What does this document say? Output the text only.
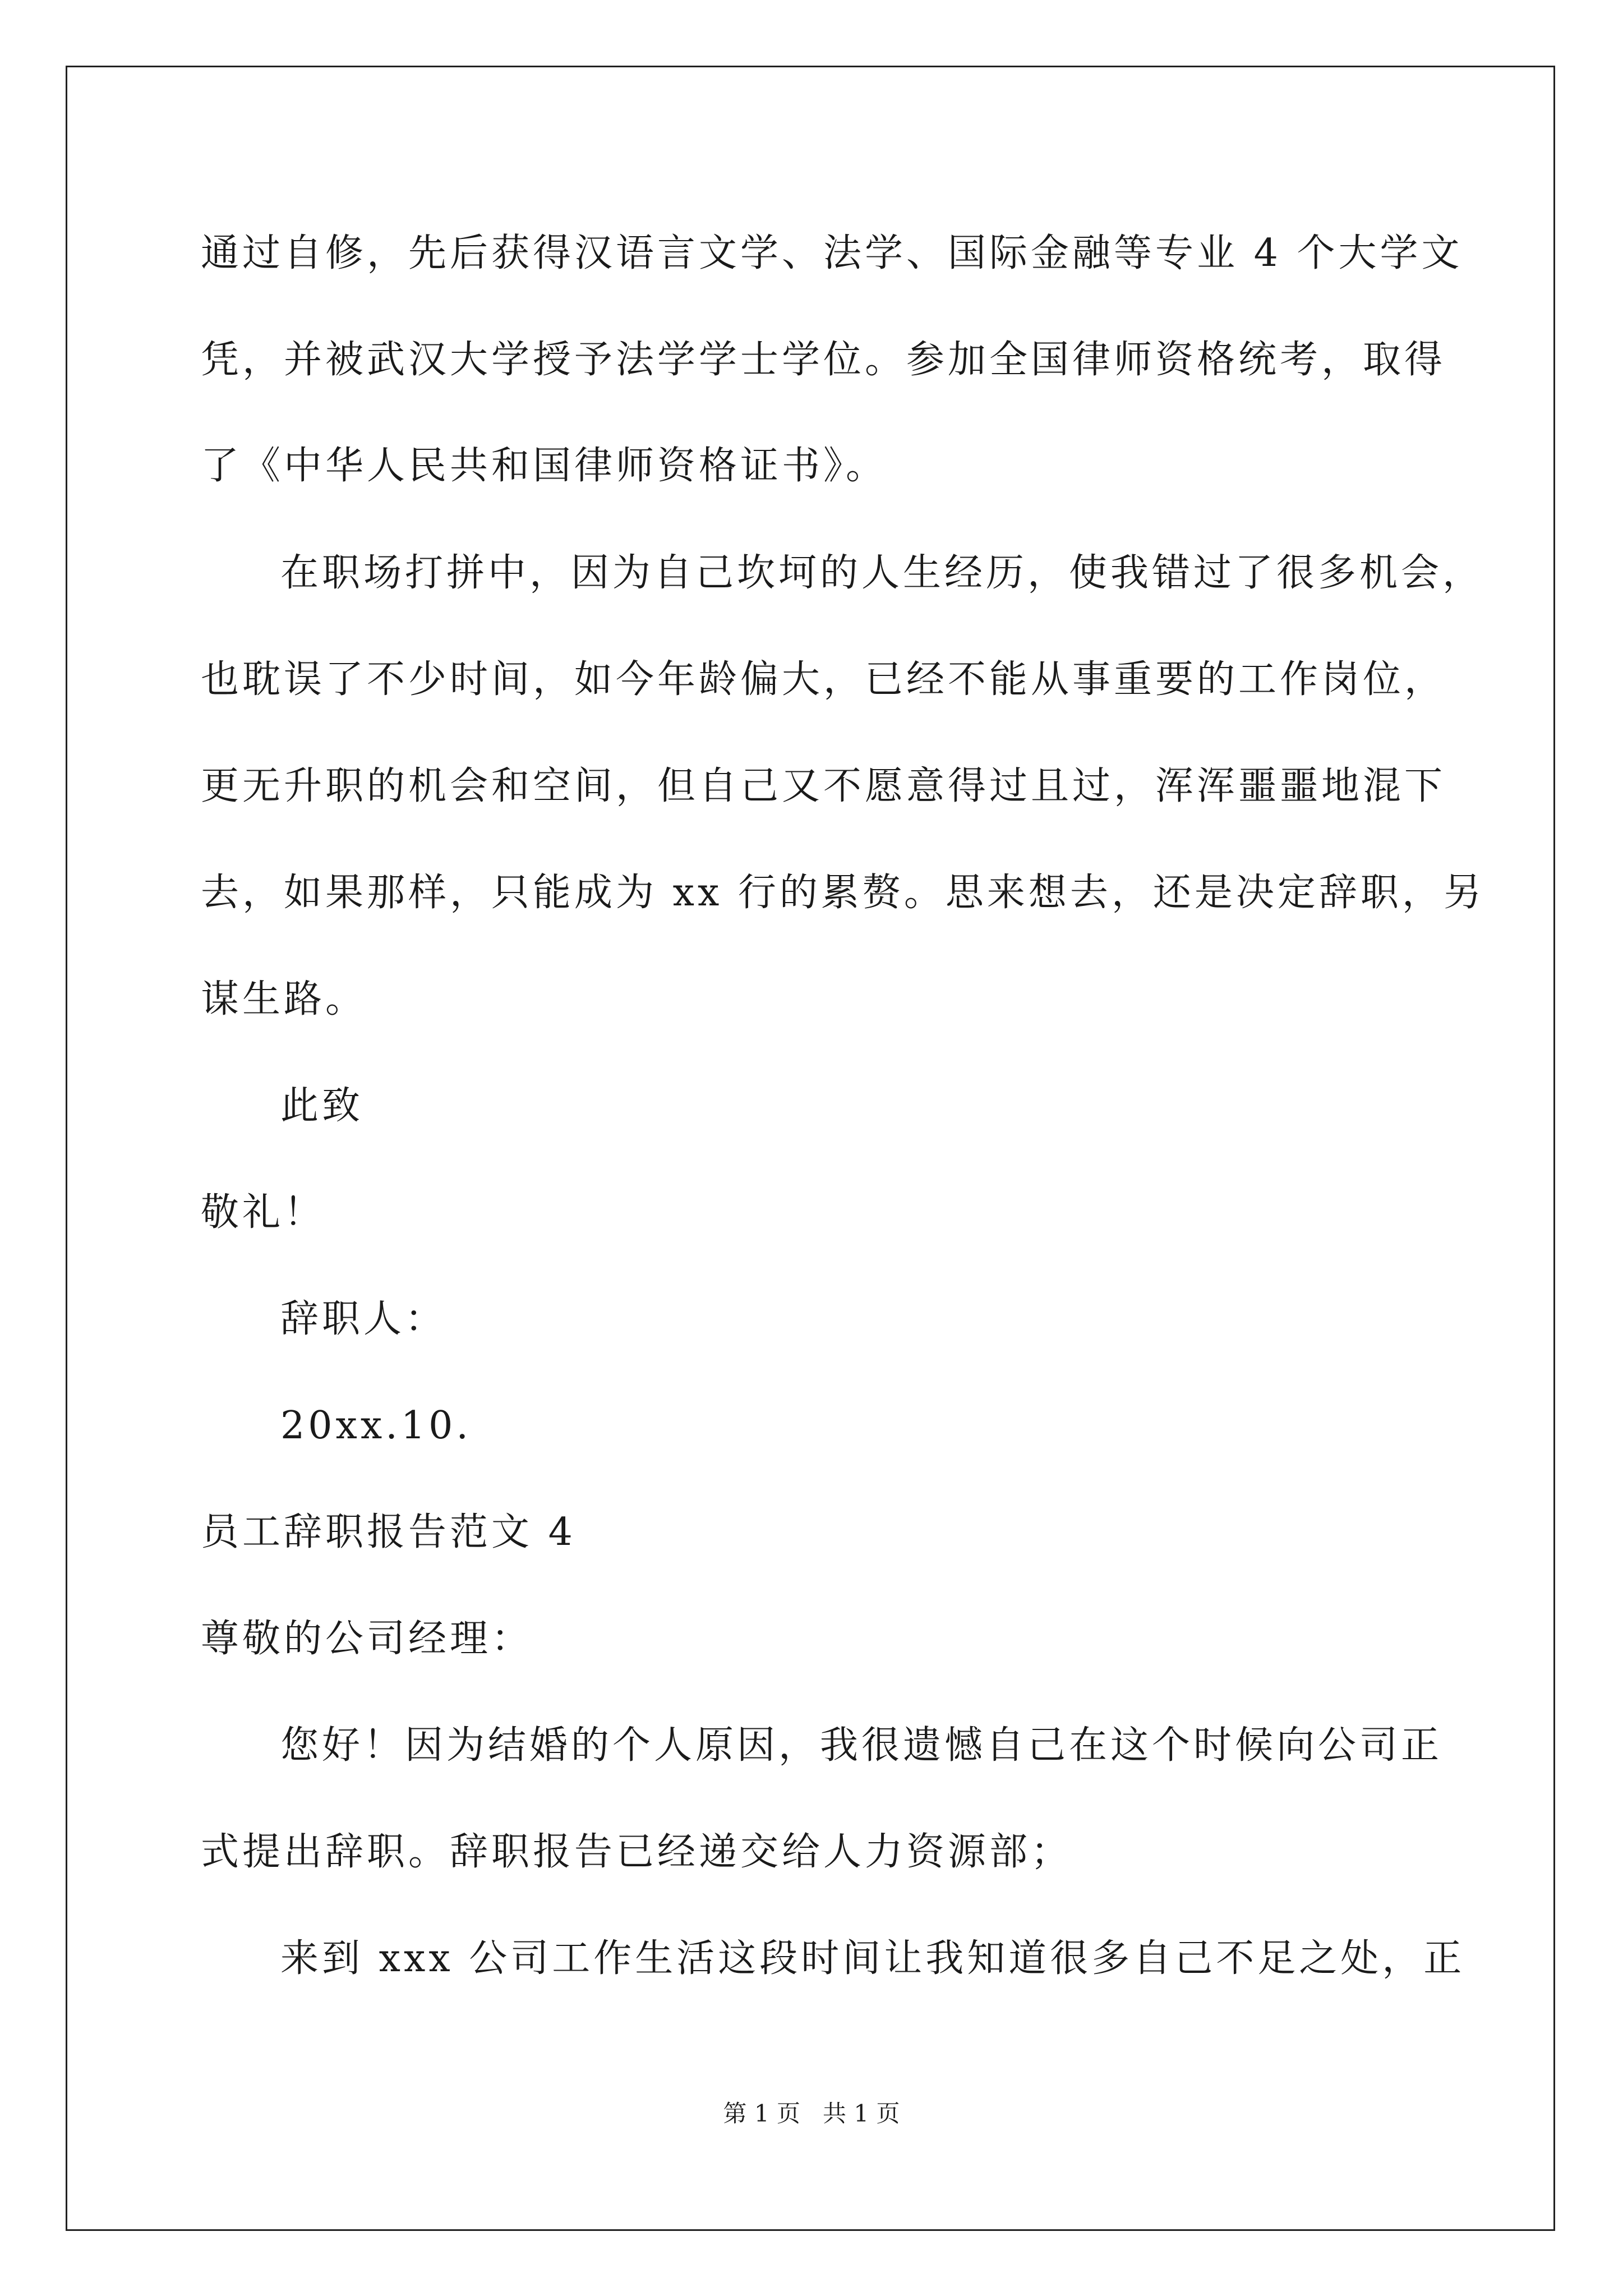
通过自修，先后获得汉语言文学、法学、国际金融等专业 4 个大学文
凭，并被武汉大学授予法学学士学位。参加全国律师资格统考，取得
了《中华人民共和国律师资格证书》。
在职场打拼中，因为自己坎坷的人生经历，使我错过了很多机会，
也耽误了不少时间，如今年龄偏大，已经不能从事重要的工作岗位，
更无升职的机会和空间，但自己又不愿意得过且过，浑浑噩噩地混下
去，如果那样，只能成为 xx 行的累赘。思来想去，还是决定辞职，另
谋生路。
此致
敬礼！
辞职人：
20xx.10.
员工辞职报告范文 4
尊敬的公司经理：
您好！因为结婚的个人原因，我很遗憾自己在这个时候向公司正
式提出辞职。辞职报告已经递交给人力资源部；
来到 xxx 公司工作生活这段时间让我知道很多自己不足之处，正
第 1 页   共 1 页
